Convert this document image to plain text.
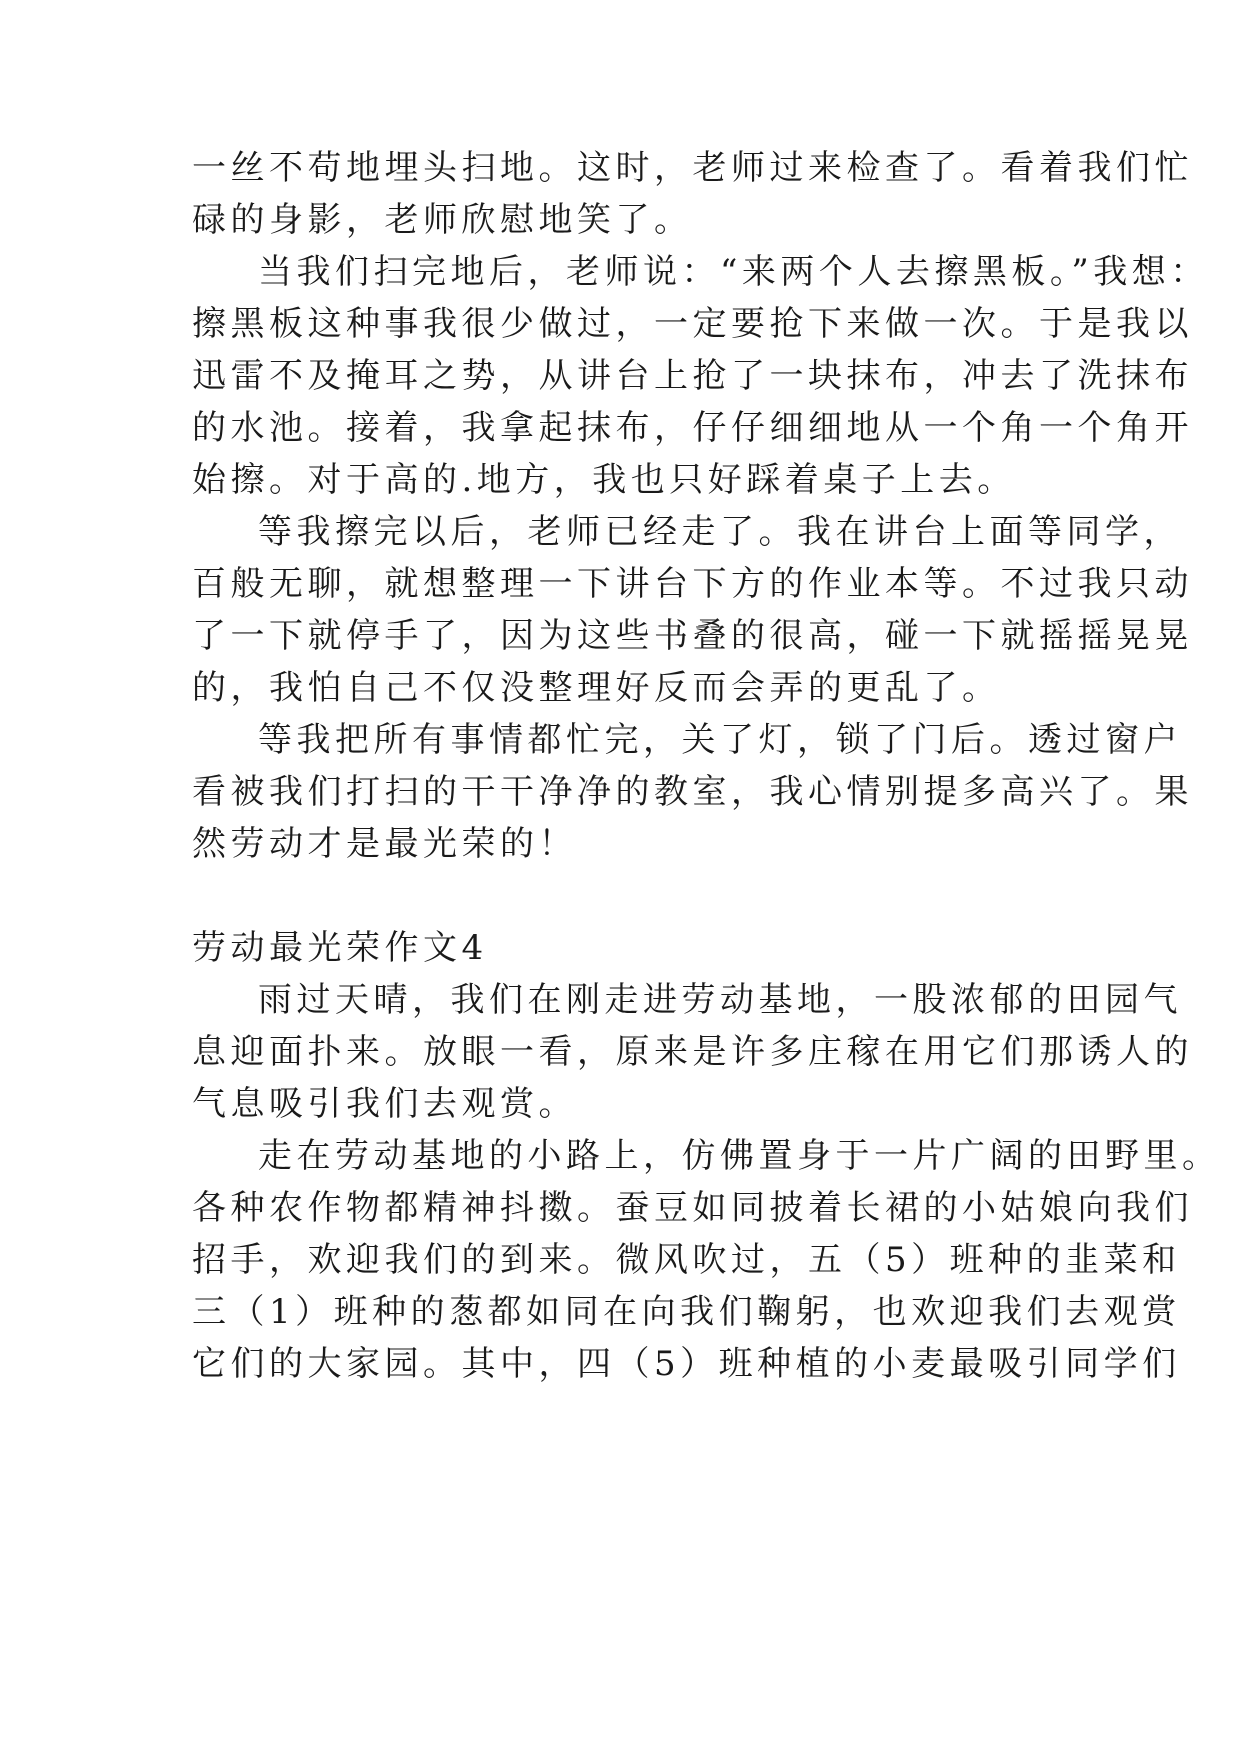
一丝不苟地埋头扫地。这时，老师过来检查了。看着我们忙
碌的身影，老师欣慰地笑了。
当我们扫完地后，老师说：“来两个人去擦黑板。”我想：
擦黑板这种事我很少做过，一定要抢下来做一次。于是我以
迅雷不及掩耳之势，从讲台上抢了一块抹布，冲去了洗抹布
的水池。接着，我拿起抹布，仔仔细细地从一个角一个角开
始擦。对于高的.地方，我也只好踩着桌子上去。
等我擦完以后，老师已经走了。我在讲台上面等同学，
百般无聊，就想整理一下讲台下方的作业本等。不过我只动
了一下就停手了，因为这些书叠的很高，碰一下就摇摇晃晃
的，我怕自己不仅没整理好反而会弄的更乱了。
等我把所有事情都忙完，关了灯，锁了门后。透过窗户
看被我们打扫的干干净净的教室，我心情别提多高兴了。果
然劳动才是最光荣的！
劳动最光荣作文4
雨过天晴，我们在刚走进劳动基地，一股浓郁的田园气
息迎面扑来。放眼一看，原来是许多庄稼在用它们那诱人的
气息吸引我们去观赏。
走在劳动基地的小路上，仿佛置身于一片广阔的田野里。
各种农作物都精神抖擞。蚕豆如同披着长裙的小姑娘向我们
招手，欢迎我们的到来。微风吹过，五（5）班种的韭菜和
三（1）班种的葱都如同在向我们鞠躬，也欢迎我们去观赏
它们的大家园。其中，四（5）班种植的小麦最吸引同学们
